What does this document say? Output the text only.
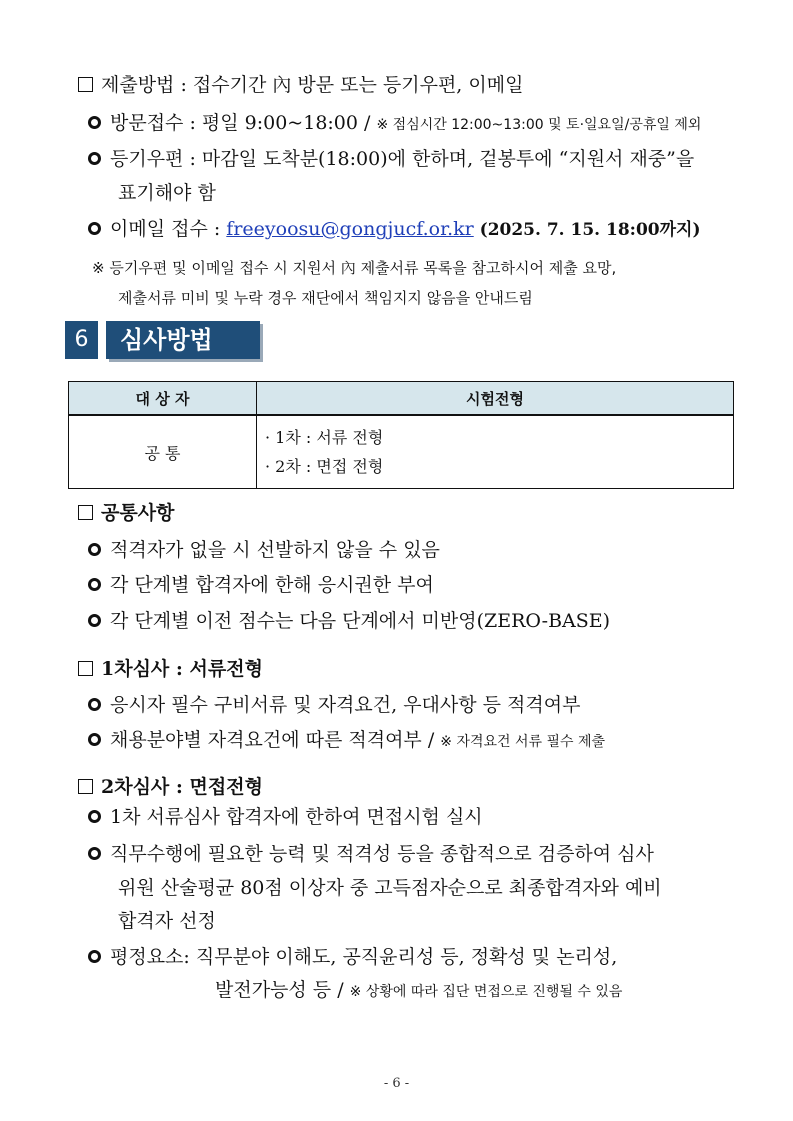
제출방법 : 접수기간 內 방문 또는 등기우편, 이메일
방문접수 : 평일 9:00~18:00 / ※ 점심시간 12:00~13:00 및 토·일요일/공휴일 제외
등기우편 : 마감일 도착분(18:00)에 한하며, 겉봉투에 “지원서 재중”을
표기해야 함
이메일 접수 : freeyoosu@gongjucf.or.kr (2025. 7. 15. 18:00까지)
※ 등기우편 및 이메일 접수 시 지원서 內 제출서류 목록을 참고하시어 제출 요망,
제출서류 미비 및 누락 경우 재단에서 책임지지 않음을 안내드림
6	심사방법
대 상 자	시험전형
공 통	· 1차 : 서류 전형
· 2차 : 면접 전형
공통사항
적격자가 없을 시 선발하지 않을 수 있음
각 단계별 합격자에 한해 응시권한 부여
각 단계별 이전 점수는 다음 단계에서 미반영(ZERO-BASE)
1차심사 : 서류전형
응시자 필수 구비서류 및 자격요건, 우대사항 등 적격여부
채용분야별 자격요건에 따른 적격여부 / ※ 자격요건 서류 필수 제출
2차심사 : 면접전형
1차 서류심사 합격자에 한하여 면접시험 실시
직무수행에 필요한 능력 및 적격성 등을 종합적으로 검증하여 심사
위원 산술평균 80점 이상자 중 고득점자순으로 최종합격자와 예비
합격자 선정
평정요소: 직무분야 이해도, 공직윤리성 등, 정확성 및 논리성,
발전가능성 등 / ※ 상황에 따라 집단 면접으로 진행될 수 있음
- 6 -
